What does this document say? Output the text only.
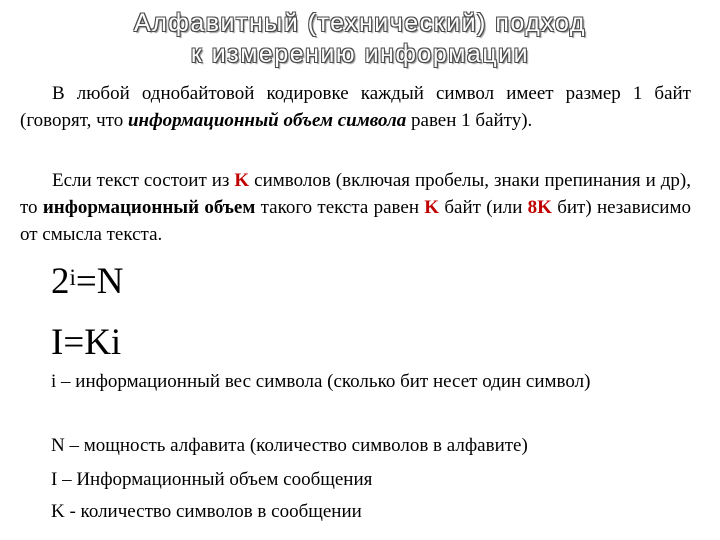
Алфавитный (технический) подход
к измерению информации
В любой однобайтовой кодировке каждый символ имеет размер 1 байт (говорят, что информационный объем символа равен 1 байту).
Если текст состоит из K символов (включая пробелы, знаки препинания и др), то информационный объем такого текста равен K байт (или 8K бит) независимо от смысла текста.
$2^i=N$
I=Ki
i – информационный вес символа (сколько бит несет один символ)
N – мощность алфавита (количество символов в алфавите)
I – Информационный объем сообщения
K - количество символов в сообщении
